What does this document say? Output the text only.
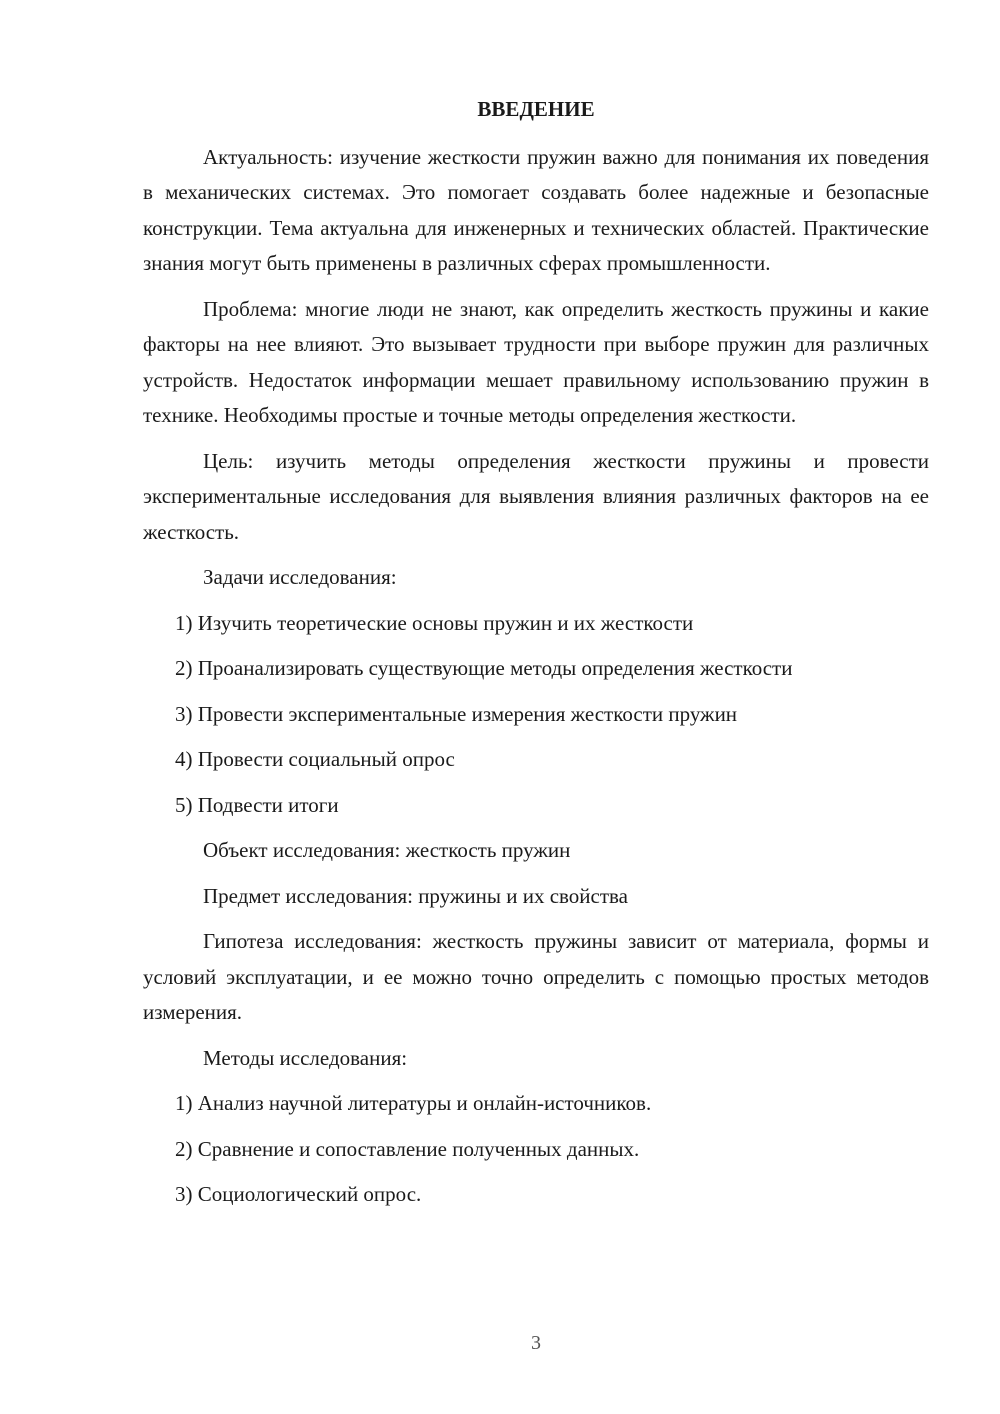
ВВЕДЕНИЕ

Актуальность: изучение жесткости пружин важно для понимания их поведения в механических системах. Это помогает создавать более надежные и безопасные конструкции. Тема актуальна для инженерных и технических областей. Практические знания могут быть применены в различных сферах промышленности.

Проблема: многие люди не знают, как определить жесткость пружины и какие факторы на нее влияют. Это вызывает трудности при выборе пружин для различных устройств. Недостаток информации мешает правильному использованию пружин в технике. Необходимы простые и точные методы определения жесткости.

Цель: изучить методы определения жесткости пружины и провести экспериментальные исследования для выявления влияния различных факторов на ее жесткость.

Задачи исследования:
1) Изучить теоретические основы пружин и их жесткости
2) Проанализировать существующие методы определения жесткости
3) Провести экспериментальные измерения жесткости пружин
4) Провести социальный опрос
5) Подвести итоги
Объект исследования: жесткость пружин
Предмет исследования: пружины и их свойства

Гипотеза исследования: жесткость пружины зависит от материала, формы и условий эксплуатации, и ее можно точно определить с помощью простых методов измерения.

Методы исследования:
1) Анализ научной литературы и онлайн-источников.
2) Сравнение и сопоставление полученных данных.
3) Социологический опрос.
3
